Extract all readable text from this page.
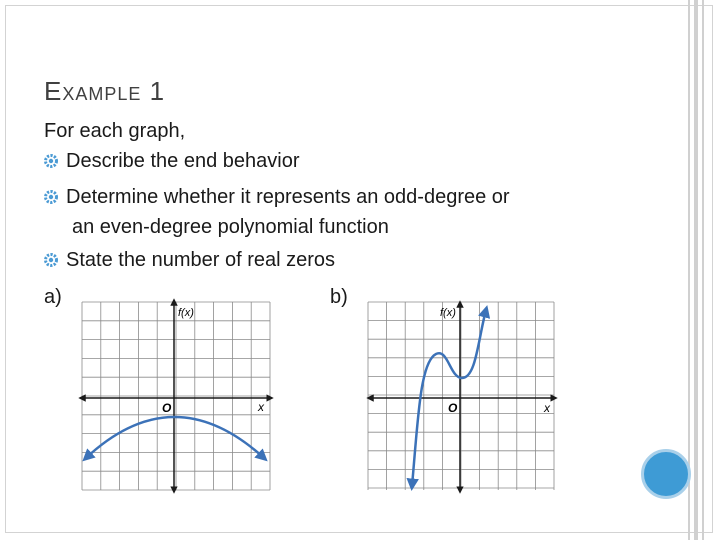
EXAMPLE 1
For each graph,
Describe the end behavior
Determine whether it represents an odd-degree or
an even-degree polynomial function
State the number of real zeros
a)	b)
f(x)
O	x
f(x)
O	x
